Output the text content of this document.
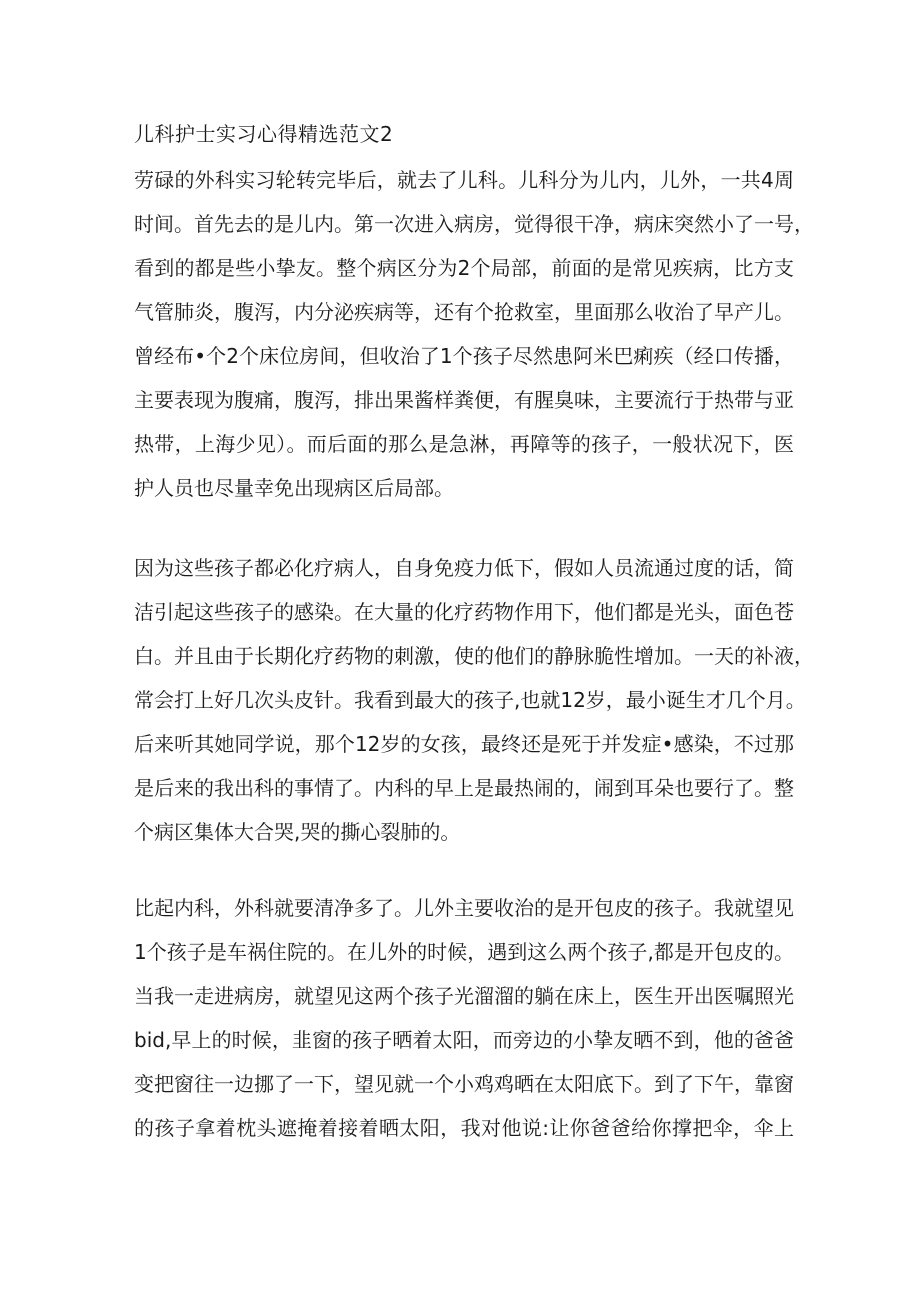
儿科护士实习心得精选范文2
劳碌的外科实习轮转完毕后，就去了儿科。儿科分为儿内，儿外，一共4周
时间。首先去的是儿内。第一次进入病房，觉得很干净，病床突然小了一号，
看到的都是些小挚友。整个病区分为2个局部，前面的是常见疾病，比方支
气管肺炎，腹泻，内分泌疾病等，还有个抢救室，里面那么收治了早产儿。
曾经布•个2个床位房间，但收治了1个孩子尽然患阿米巴痢疾（经口传播，
主要表现为腹痛，腹泻，排出果酱样粪便，有腥臭味，主要流行于热带与亚
热带，上海少见）。而后面的那么是急淋，再障等的孩子，一般状况下，医
护人员也尽量幸免出现病区后局部。
因为这些孩子都必化疗病人，自身免疫力低下，假如人员流通过度的话，简
洁引起这些孩子的感染。在大量的化疗药物作用下，他们都是光头，面色苍
白。并且由于长期化疗药物的刺激，使的他们的静脉脆性增加。一天的补液，
常会打上好几次头皮针。我看到最大的孩子,也就12岁，最小诞生才几个月。
后来听其她同学说，那个12岁的女孩，最终还是死于并发症•感染，不过那
是后来的我出科的事情了。内科的早上是最热闹的，闹到耳朵也要行了。整
个病区集体大合哭,哭的撕心裂肺的。
比起内科，外科就要清净多了。儿外主要收治的是开包皮的孩子。我就望见
1个孩子是车祸住院的。在儿外的时候，遇到这么两个孩子,都是开包皮的。
当我一走进病房，就望见这两个孩子光溜溜的躺在床上，医生开出医嘱照光
bid,早上的时候，韭窗的孩子晒着太阳，而旁边的小挚友晒不到，他的爸爸
变把窗往一边挪了一下，望见就一个小鸡鸡晒在太阳底下。到了下午，靠窗
的孩子拿着枕头遮掩着接着晒太阳，我对他说:让你爸爸给你撑把伞，伞上
